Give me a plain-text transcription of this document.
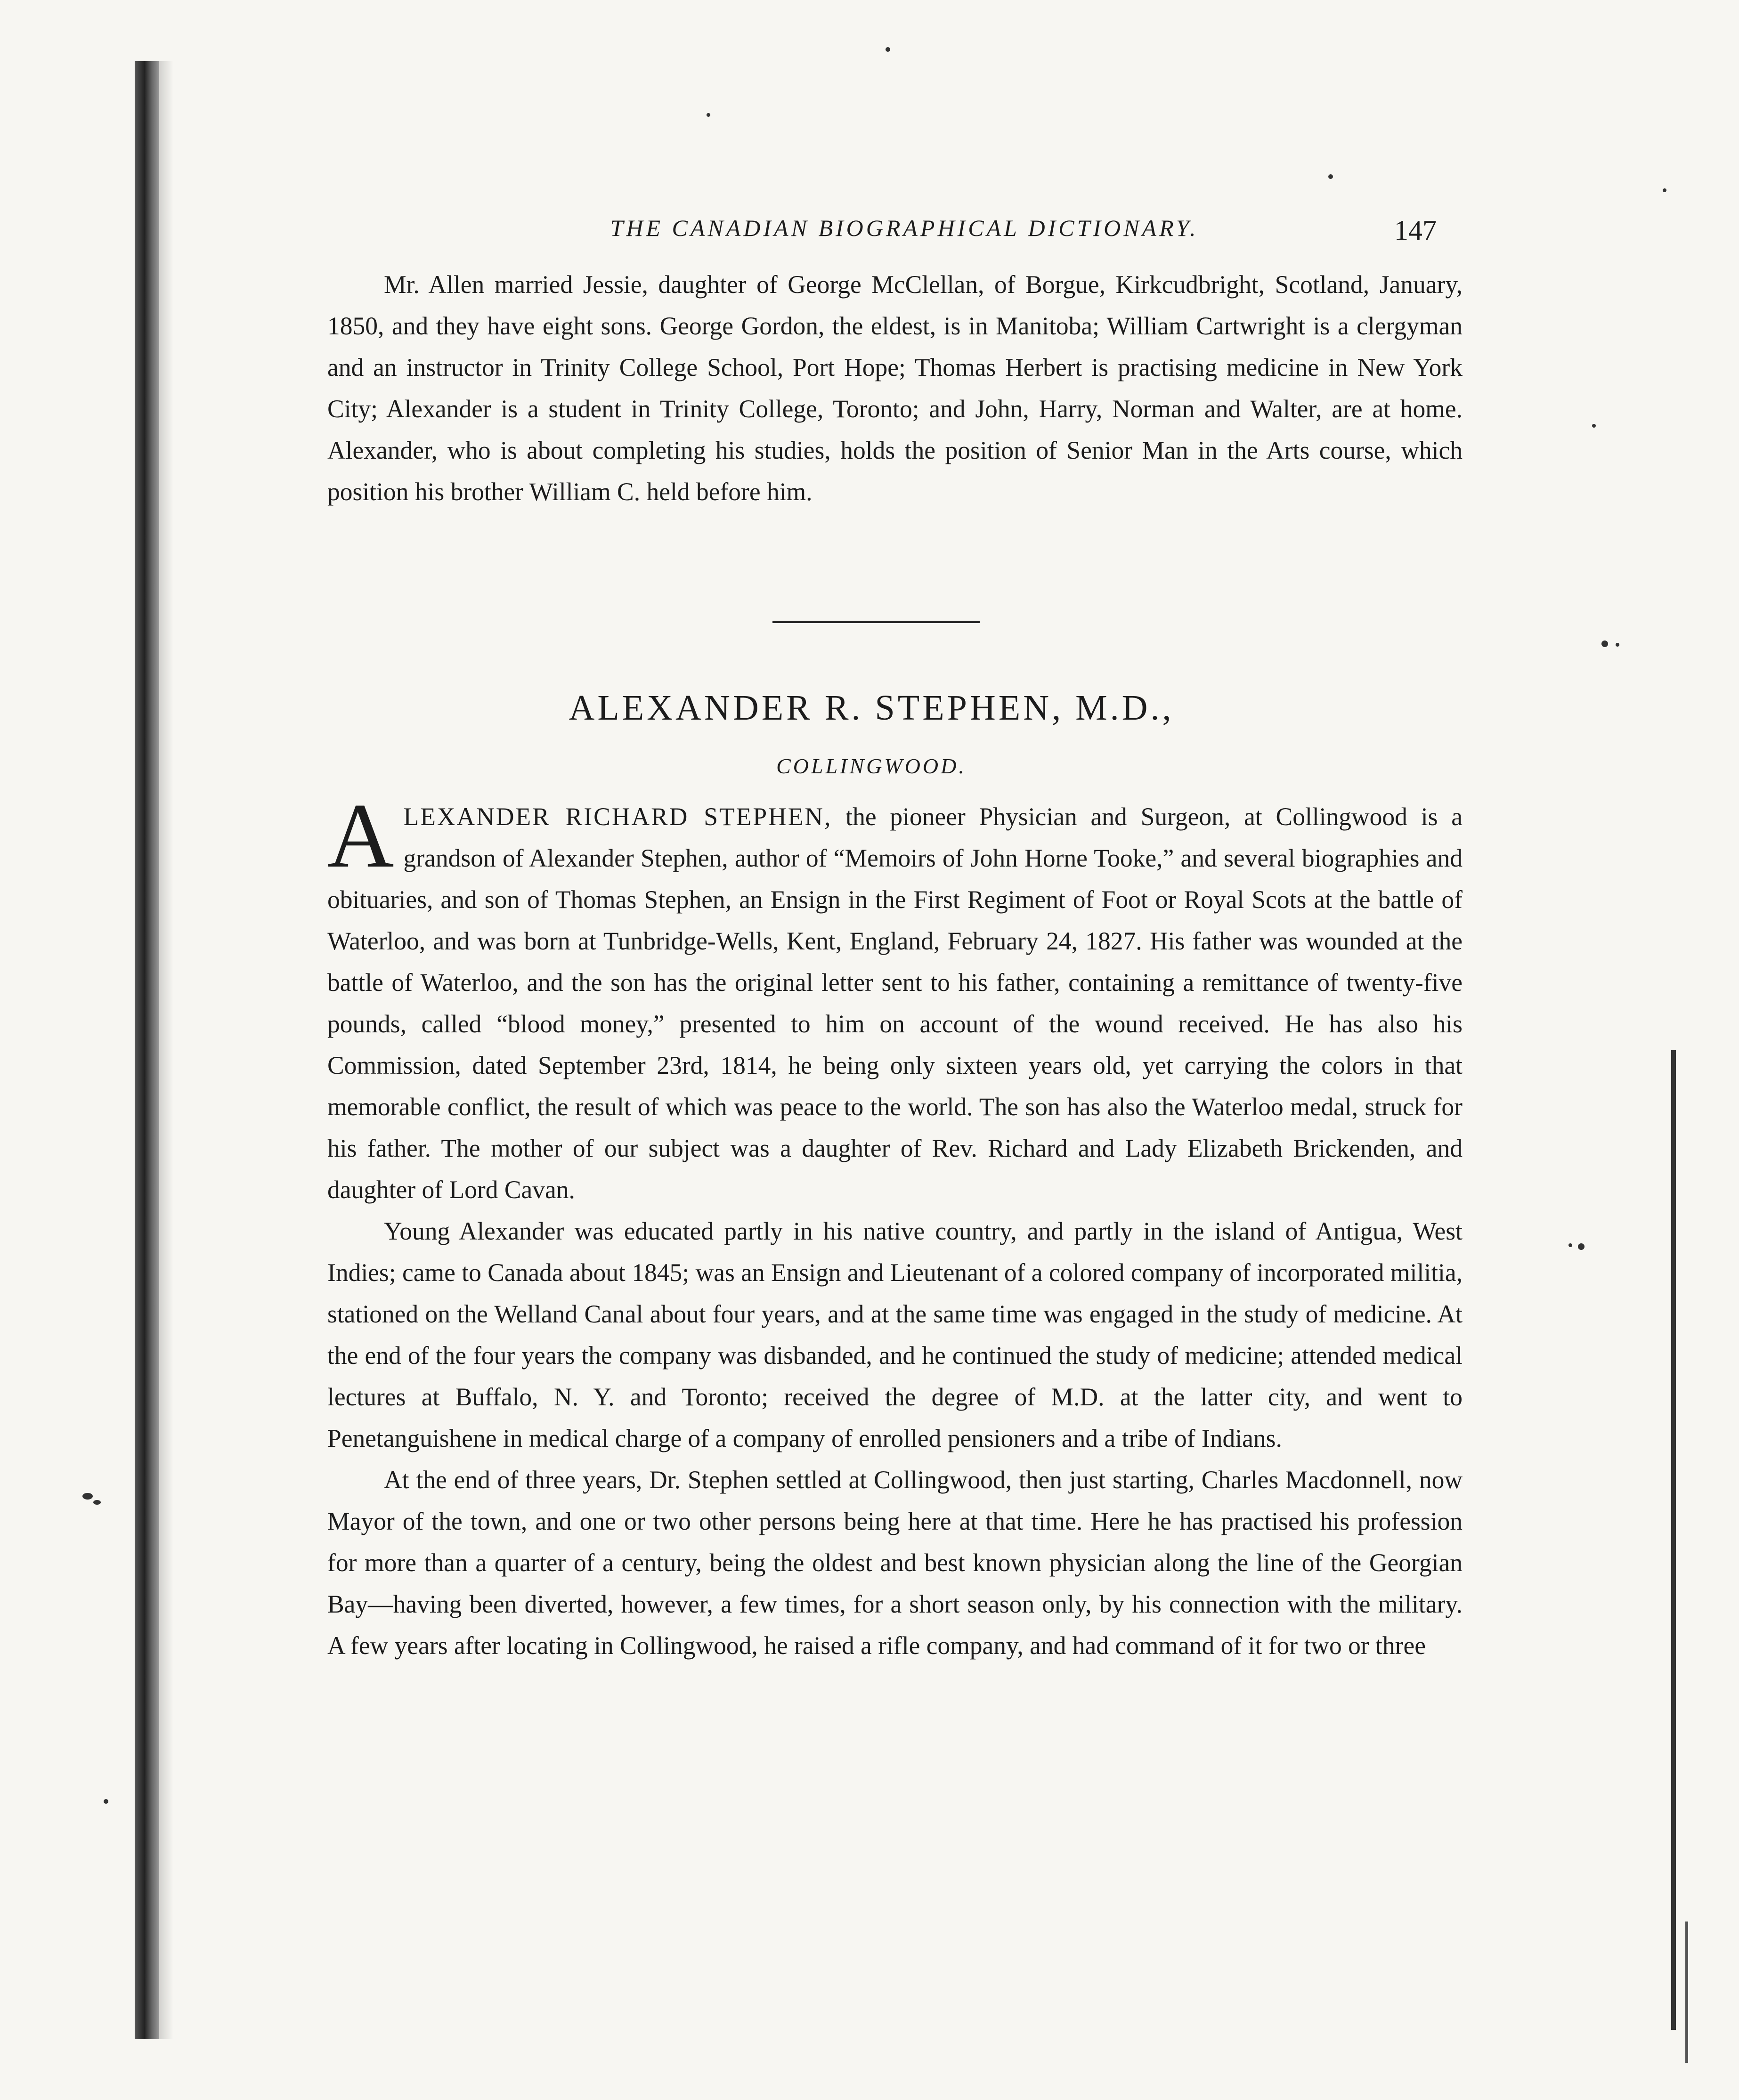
THE CANADIAN BIOGRAPHICAL DICTIONARY.	147

Mr. Allen married Jessie, daughter of George McClellan, of Borgue, Kirkcudbright, Scotland, January, 1850, and they have eight sons. George Gordon, the eldest, is in Manitoba; William Cartwright is a clergyman and an instructor in Trinity College School, Port Hope; Thomas Herbert is practising medicine in New York City; Alexander is a student in Trinity College, Toronto; and John, Harry, Norman and Walter, are at home. Alexander, who is about completing his studies, holds the position of Senior Man in the Arts course, which position his brother William C. held before him.

ALEXANDER R. STEPHEN, M.D.,
COLLINGWOOD.

ALEXANDER RICHARD STEPHEN, the pioneer Physician and Surgeon, at Collingwood is a grandson of Alexander Stephen, author of “Memoirs of John Horne Tooke,” and several biographies and obituaries, and son of Thomas Stephen, an Ensign in the First Regiment of Foot or Royal Scots at the battle of Waterloo, and was born at Tunbridge-Wells, Kent, England, February 24, 1827. His father was wounded at the battle of Waterloo, and the son has the original letter sent to his father, containing a remittance of twenty-five pounds, called “blood money,” presented to him on account of the wound received. He has also his Commission, dated September 23rd, 1814, he being only sixteen years old, yet carrying the colors in that memorable conflict, the result of which was peace to the world. The son has also the Waterloo medal, struck for his father. The mother of our subject was a daughter of Rev. Richard and Lady Elizabeth Brickenden, and daughter of Lord Cavan.

Young Alexander was educated partly in his native country, and partly in the island of Antigua, West Indies; came to Canada about 1845; was an Ensign and Lieutenant of a colored company of incorporated militia, stationed on the Welland Canal about four years, and at the same time was engaged in the study of medicine. At the end of the four years the company was disbanded, and he continued the study of medicine; attended medical lectures at Buffalo, N. Y. and Toronto; received the degree of M.D. at the latter city, and went to Penetanguishene in medical charge of a company of enrolled pensioners and a tribe of Indians.

At the end of three years, Dr. Stephen settled at Collingwood, then just starting, Charles Macdonnell, now Mayor of the town, and one or two other persons being here at that time. Here he has practised his profession for more than a quarter of a century, being the oldest and best known physician along the line of the Georgian Bay—having been diverted, however, a few times, for a short season only, by his connection with the military. A few years after locating in Collingwood, he raised a rifle company, and had command of it for two or three
